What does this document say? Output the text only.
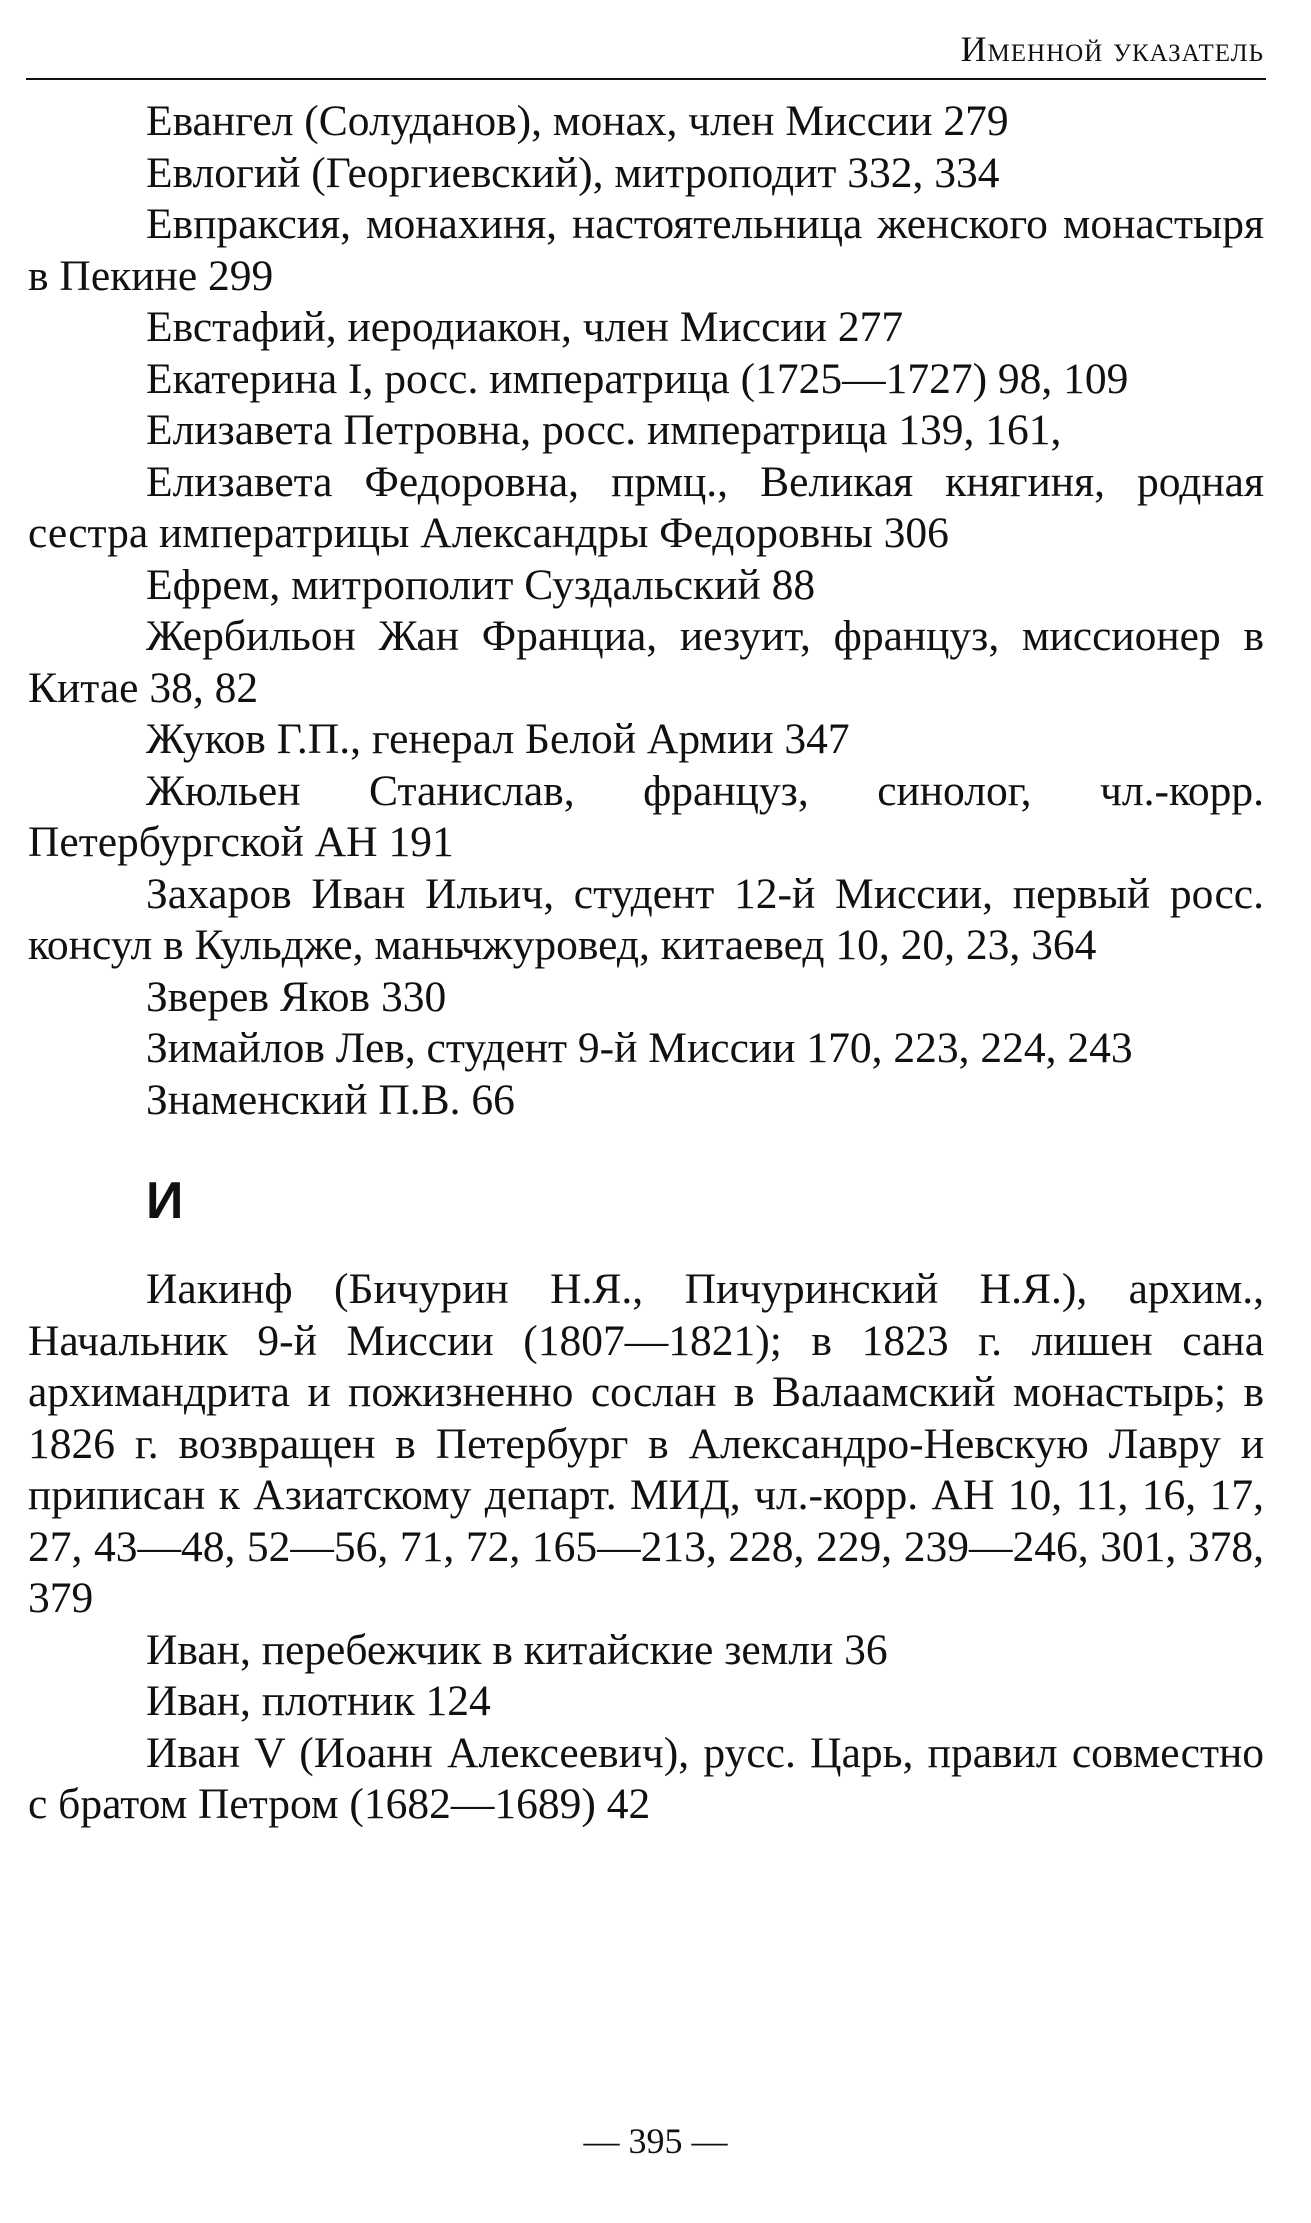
Именной указатель

Евангел (Солуданов), монах, член Миссии 279

Евлогий (Георгиевский), митроподит 332, 334

Евпраксия, монахиня, настоятельница женского монастыря в Пекине 299

Евстафий, иеродиакон, член Миссии 277

Екатерина I, росс. императрица (1725—1727) 98, 109

Елизавета Петровна, росс. императрица 139, 161,

Елизавета Федоровна, прмц., Великая княгиня, родная сестра императрицы Александры Федоровны 306

Ефрем, митрополит Суздальский 88

Жербильон Жан Франциа, иезуит, француз, миссионер в Китае 38, 82

Жуков Г.П., генерал Белой Армии 347

Жюльен Станислав, француз, синолог, чл.-корр. Петербургской АН 191

Захаров Иван Ильич, студент 12-й Миссии, первый росс. консул в Кульдже, маньчжуровед, китаевед 10, 20, 23, 364

Зверев Яков 330

Зимайлов Лев, студент 9-й Миссии 170, 223, 224, 243

Знаменский П.В. 66

И

Иакинф (Бичурин Н.Я., Пичуринский Н.Я.), архим., Начальник 9-й Миссии (1807—1821); в 1823 г. лишен сана архимандрита и пожизненно сослан в Валаамский монастырь; в 1826 г. возвращен в Петербург в Александро-Невскую Лавру и приписан к Азиатскому департ. МИД, чл.-корр. АН 10, 11, 16, 17, 27, 43—48, 52—56, 71, 72, 165—213, 228, 229, 239—246, 301, 378, 379

Иван, перебежчик в китайские земли 36

Иван, плотник 124

Иван V (Иоанн Алексеевич), русс. Царь, правил совместно с братом Петром (1682—1689) 42

— 395 —
